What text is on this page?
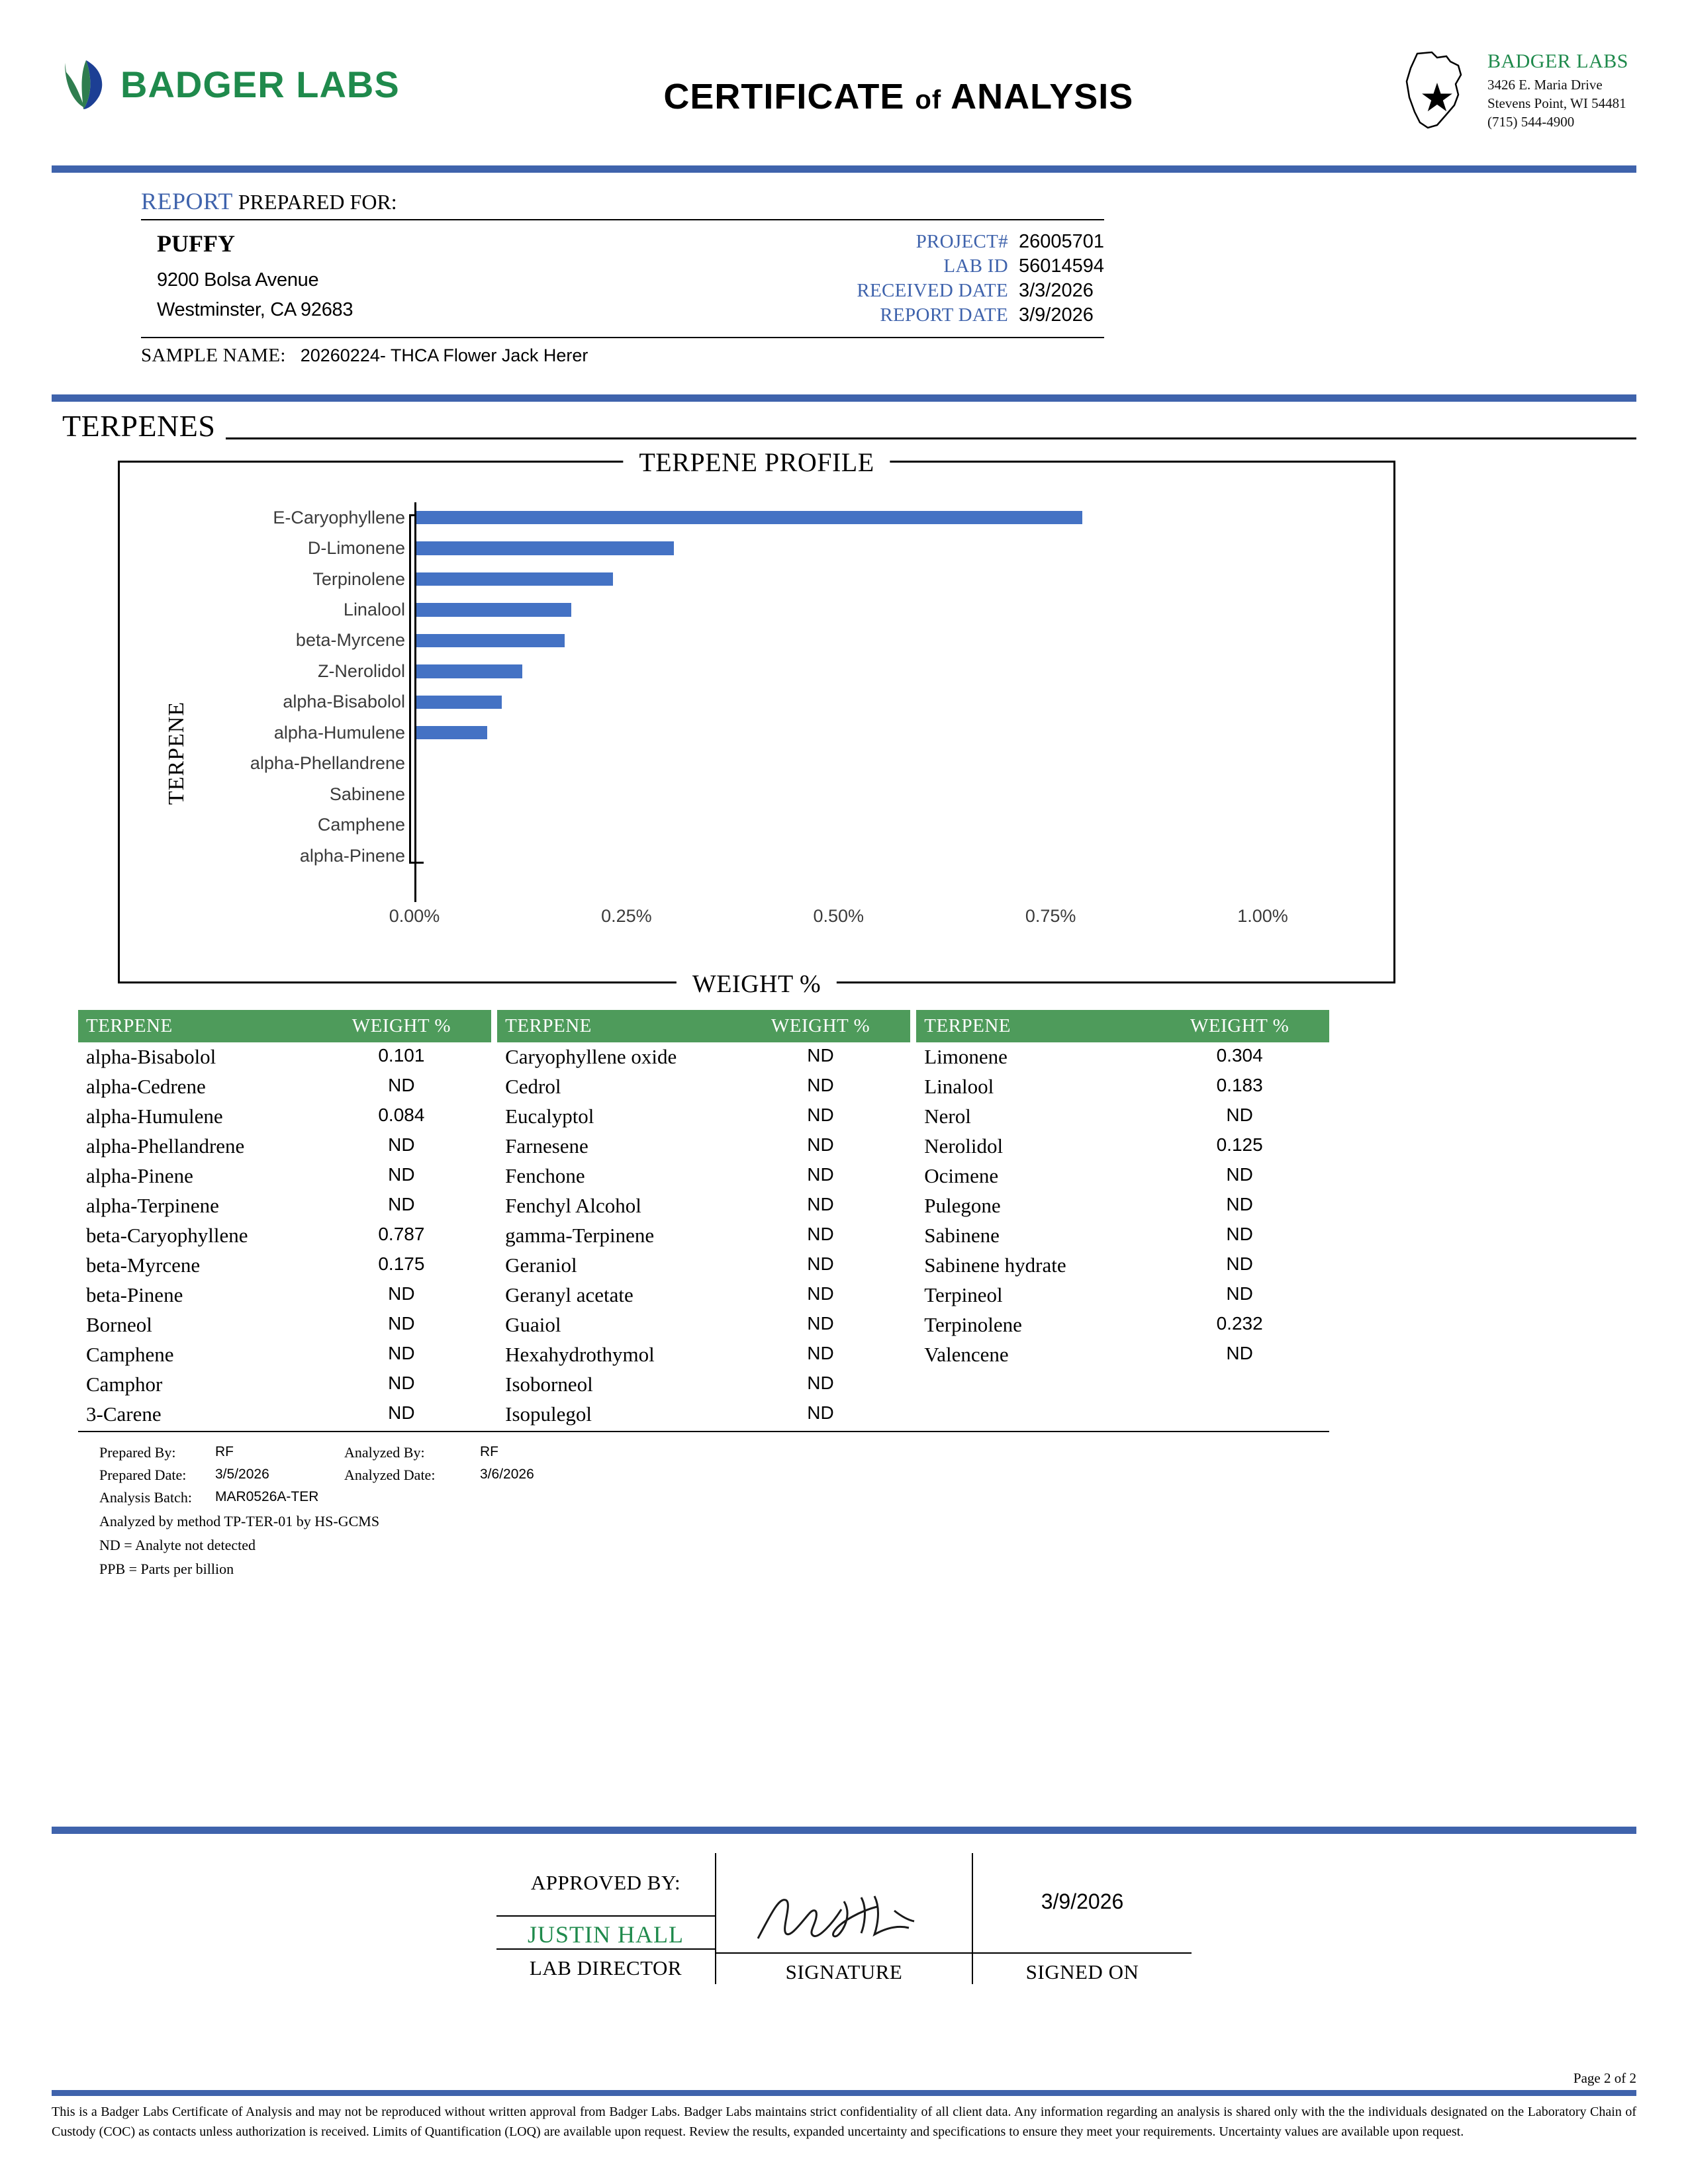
BADGER LABS	CERTIFICATE of ANALYSIS
BADGER LABS
3426 E. Maria Drive
Stevens Point, WI 54481
(715) 544-4900
REPORT PREPARED FOR:
PUFFY
9200 Bolsa Avenue
Westminster, CA 92683
PROJECT#	26005701
LAB ID	56014594
RECEIVED DATE	3/3/2026
REPORT DATE	3/9/2026
SAMPLE NAME: 20260224- THCA Flower Jack Herer
TERPENES
TERPENE PROFILE
TERPENE
WEIGHT %
E-Caryophyllene
D-Limonene
Terpinolene
Linalool
beta-Myrcene
Z-Nerolidol
alpha-Bisabolol
alpha-Humulene
alpha-Phellandrene
Sabinene
Camphene
alpha-Pinene
0.00%	0.25%	0.50%	0.75%	1.00%
TERPENE	WEIGHT %		TERPENE	WEIGHT %		TERPENE	WEIGHT %
alpha-Bisabolol	0.101		Caryophyllene oxide	ND		Limonene	0.304
alpha-Cedrene	ND		Cedrol	ND		Linalool	0.183
alpha-Humulene	0.084		Eucalyptol	ND		Nerol	ND
alpha-Phellandrene	ND		Farnesene	ND		Nerolidol	0.125
alpha-Pinene	ND		Fenchone	ND		Ocimene	ND
alpha-Terpinene	ND		Fenchyl Alcohol	ND		Pulegone	ND
beta-Caryophyllene	0.787		gamma-Terpinene	ND		Sabinene	ND
beta-Myrcene	0.175		Geraniol	ND		Sabinene hydrate	ND
beta-Pinene	ND		Geranyl acetate	ND		Terpineol	ND
Borneol	ND		Guaiol	ND		Terpinolene	0.232
Camphene	ND		Hexahydrothymol	ND		Valencene	ND
Camphor	ND		Isoborneol	ND			
3-Carene	ND		Isopulegol	ND			
Prepared By:	RF	Analyzed By:	RF
Prepared Date:	3/5/2026	Analyzed Date:	3/6/2026
Analysis Batch:	MAR0526A-TER
Analyzed by method TP-TER-01 by HS-GCMS
ND = Analyte not detected
PPB = Parts per billion
APPROVED BY:
JUSTIN HALL
LAB DIRECTOR	SIGNATURE
3/9/2026
SIGNED ON
Page 2 of 2
This is a Badger Labs Certificate of Analysis and may not be reproduced without written approval from Badger Labs. Badger Labs maintains strict confidentiality of all client data. Any information regarding an analysis is shared only with the the individuals designated on the Laboratory Chain of Custody (COC) as contacts unless authorization is received. Limits of Quantification (LOQ) are available upon request. Review the results, expanded uncertainty and specifications to ensure they meet your requirements. Uncertainty values are available upon request.
